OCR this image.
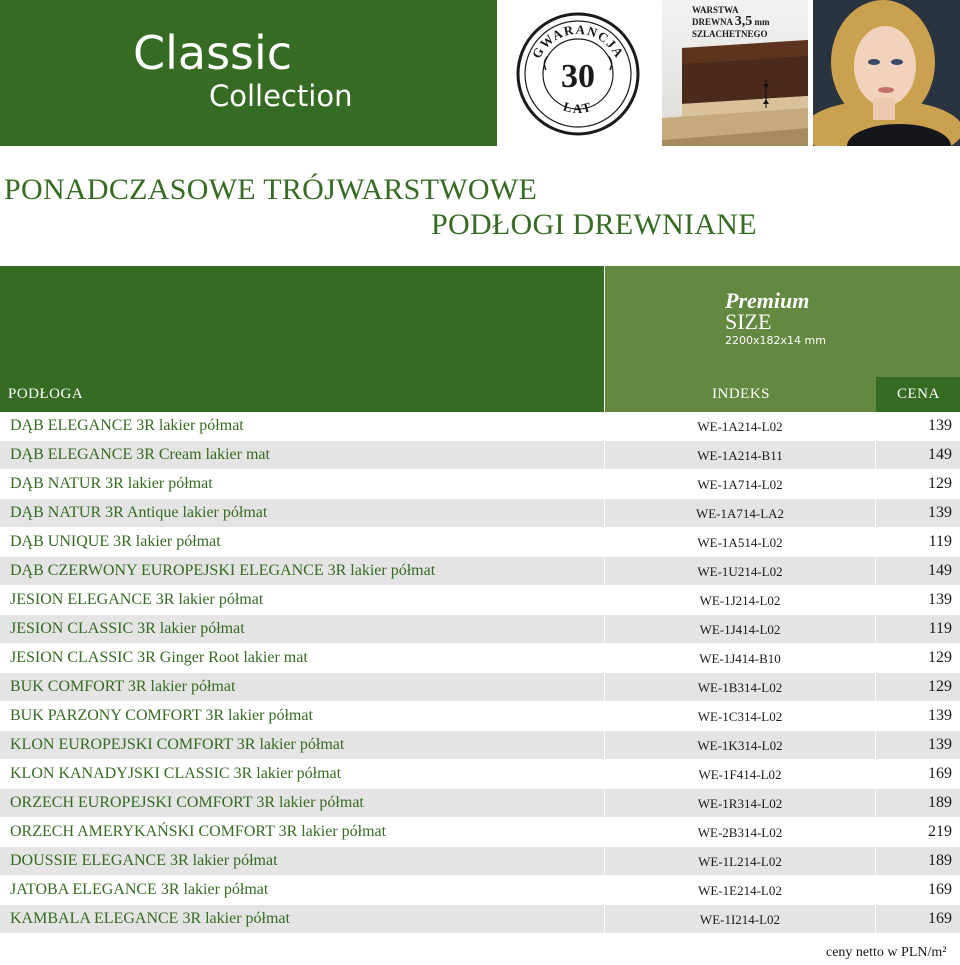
Classic
Collection
GWARANCJA
30
LAT
WARSTWA
DREWNA 3,5 mm
SZLACHETNEGO
PONADCZASOWE TRÓJWARSTWOWE
PODŁOGI DREWNIANE
Premium
SIZE
2200x182x14 mm
PODŁOGA	INDEKS	CENA
DĄB ELEGANCE 3R lakier półmat	WE-1A214-L02	139
DĄB ELEGANCE 3R Cream lakier mat	WE-1A214-B11	149
DĄB NATUR 3R lakier półmat	WE-1A714-L02	129
DĄB NATUR 3R Antique lakier półmat	WE-1A714-LA2	139
DĄB UNIQUE 3R lakier półmat	WE-1A514-L02	119
DĄB CZERWONY EUROPEJSKI ELEGANCE 3R lakier półmat	WE-1U214-L02	149
JESION ELEGANCE 3R lakier półmat	WE-1J214-L02	139
JESION CLASSIC 3R lakier półmat	WE-1J414-L02	119
JESION CLASSIC 3R Ginger Root lakier mat	WE-1J414-B10	129
BUK COMFORT 3R lakier półmat	WE-1B314-L02	129
BUK PARZONY COMFORT 3R lakier półmat	WE-1C314-L02	139
KLON EUROPEJSKI COMFORT 3R lakier półmat	WE-1K314-L02	139
KLON KANADYJSKI CLASSIC 3R lakier półmat	WE-1F414-L02	169
ORZECH EUROPEJSKI COMFORT 3R lakier półmat	WE-1R314-L02	189
ORZECH AMERYKAŃSKI COMFORT 3R lakier półmat	WE-2B314-L02	219
DOUSSIE ELEGANCE 3R lakier półmat	WE-1L214-L02	189
JATOBA ELEGANCE 3R lakier półmat	WE-1E214-L02	169
KAMBALA ELEGANCE 3R lakier półmat	WE-1I214-L02	169
ceny netto w PLN/m²
